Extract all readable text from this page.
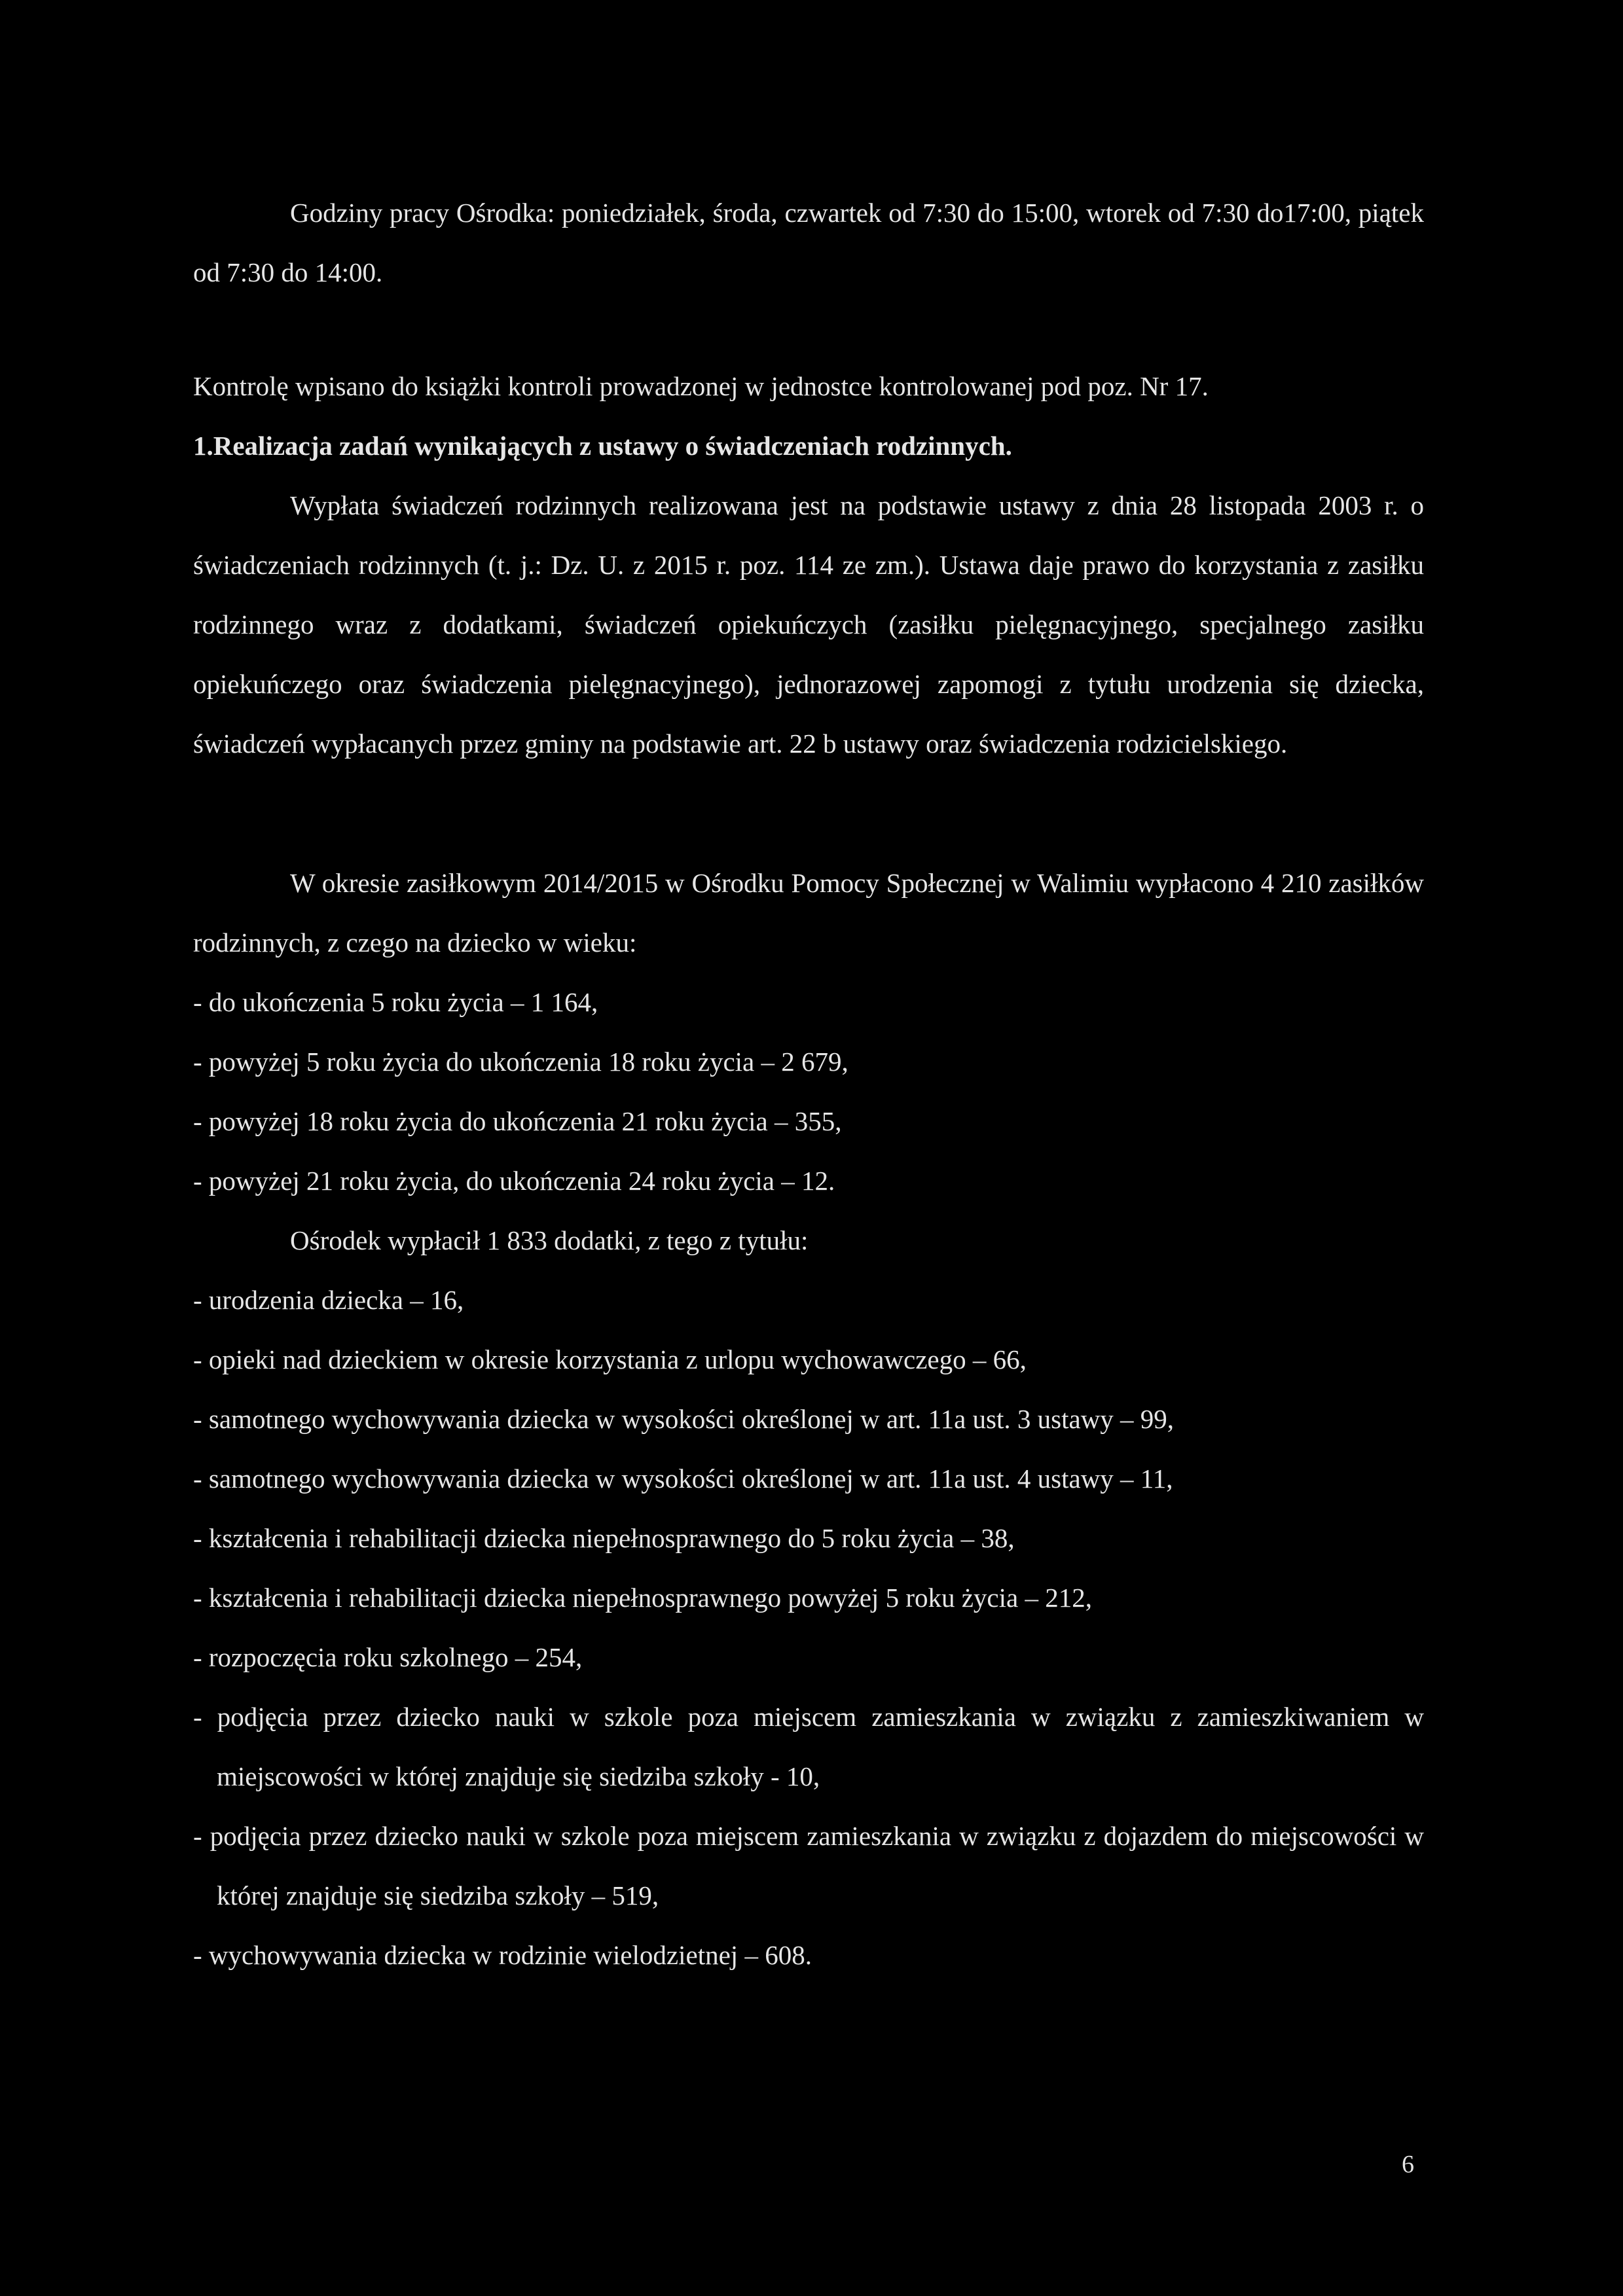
Godziny pracy Ośrodka: poniedziałek, środa, czwartek od 7:30 do 15:00, wtorek od 7:30 do17:00, piątek od 7:30 do 14:00.

Kontrolę wpisano do książki kontroli prowadzonej w jednostce kontrolowanej pod poz. Nr 17.

1.Realizacja zadań wynikających z ustawy o świadczeniach rodzinnych.

Wypłata świadczeń rodzinnych realizowana jest na podstawie ustawy z dnia 28 listopada 2003 r. o świadczeniach rodzinnych (t. j.: Dz. U. z 2015 r. poz. 114 ze zm.). Ustawa daje prawo do korzystania z zasiłku rodzinnego wraz z dodatkami, świadczeń opiekuńczych (zasiłku pielęgnacyjnego, specjalnego zasiłku opiekuńczego oraz świadczenia pielęgnacyjnego), jednorazowej zapomogi z tytułu urodzenia się dziecka, świadczeń wypłacanych przez gminy na podstawie art. 22 b ustawy oraz świadczenia rodzicielskiego.

W okresie zasiłkowym 2014/2015 w Ośrodku Pomocy Społecznej w Walimiu wypłacono 4 210 zasiłków rodzinnych, z czego na dziecko w wieku:

- do ukończenia 5 roku życia – 1 164,

- powyżej 5 roku życia do ukończenia 18 roku życia – 2 679,

- powyżej 18 roku życia do ukończenia 21 roku życia – 355,

- powyżej 21 roku życia, do ukończenia 24 roku życia – 12.

Ośrodek wypłacił 1 833 dodatki, z tego z tytułu:

- urodzenia dziecka – 16,

- opieki nad dzieckiem w okresie korzystania z urlopu wychowawczego – 66,

- samotnego wychowywania dziecka w wysokości określonej w art. 11a ust. 3 ustawy – 99,

- samotnego wychowywania dziecka w wysokości określonej w art. 11a ust. 4 ustawy – 11,

- kształcenia i rehabilitacji dziecka niepełnosprawnego do 5 roku życia – 38,

- kształcenia i rehabilitacji dziecka niepełnosprawnego powyżej 5 roku życia – 212,

- rozpoczęcia roku szkolnego – 254,

- podjęcia przez dziecko nauki w szkole poza miejscem zamieszkania w związku z zamieszkiwaniem w miejscowości w której znajduje się siedziba szkoły - 10,

- podjęcia przez dziecko nauki w szkole poza miejscem zamieszkania w związku z dojazdem do miejscowości w której znajduje się siedziba szkoły – 519,

- wychowywania dziecka w rodzinie wielodzietnej – 608.

6
